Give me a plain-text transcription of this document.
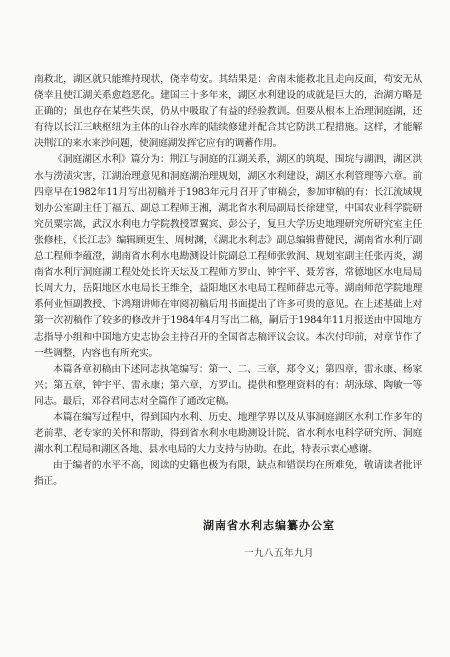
南救北，湖区就只能维持现状，侥幸苟安。其结果是：舍南未能救北且走向反面，苟安无从侥幸且使江湖关系愈趋恶化。建国三十多年来，湖区水利建设的成就是巨大的，治湖方略是正确的；虽也存在某些失误，仍从中吸取了有益的经验教训。但要从根本上治理洞庭湖，还有待以长江三峡枢纽为主体的山谷水库的陆续修建并配合其它防洪工程措施。这样，才能解决荆江的来水来沙问题，使洞庭湖发挥它应有的调蓄作用。

《洞庭湖区水利》篇分为：荆江与洞庭的江湖关系，湖区的筑堤、围垸与湖泗，湖区洪水与涝渍灾害，江湖治理意见和洞庭湖治理规划，湖区水利建设，湖区水利管理等六章。前四章早在1982年11月写出初稿并于1983年元月召开了审稿会，参加审稿的有：长江流域规划办公室副主任丁福五、副总工程师王湘，湖北省水利局副局长徐建堂，中国农业科学院研究员粟宗嵩，武汉水利电力学院教授罩翼宾、彭公子，复旦大学历史地理研究所研究室主任张修桂，《长江志》编辑顾更生、周树渊，《湖北水利志》副总编辑曹健民，湖南省水利厅副总工程师李蕴澄，湖南省水利水电勘测设计院副总工程师张敦润、规划室副主任张丙炎，湖南省水利厅洞庭湖工程处处长许天坛及工程师方罗山、钟宇平、聂芳容，常德地区水电局局长周大力，岳阳地区水电局长王维全，益阳地区水电局工程师薛忠元等。湖南师范学院地理系何业恒副教授、卞鸿翔讲师在审阅初稿后用书面提出了许多可贵的意见。在上述基础上对第一次初稿作了较多的修改并于1984年4月写出二稿，嗣后于1984年11月报送由中国地方志指导小组和中国地方史志协会主持召开的全国省志稿评议会议。本次付印前，对章节作了一些调整，内容也有所充实。

本篇各章初稿由下述同志执笔编写：第一、二、三章，郑令义；第四章，雷永康、杨家兴；第五章，钟宇平、雷永康；第六章，方罗山。提供和整理资料的有：胡泳球、陶敏一等同志。最后，邓谷君同志对全篇作了通改定稿。

本篇在编写过程中，得到国内水利、历史、地理学界以及从事洞庭湖区水利工作多年的老前辈、老专家的关怀和帮助，得到省水利水电勘测设计院、省水利水电科学研究所、洞庭湖水利工程局和湖区各地、县水电局的大力支持与协助。在此，特表示衷心感谢。

由于编者的水平不高，阅读的史籍也极为有限，缺点和错误均在所难免，敬请读者批评指正。

湖南省水利志编纂办公室
一九八五年九月
